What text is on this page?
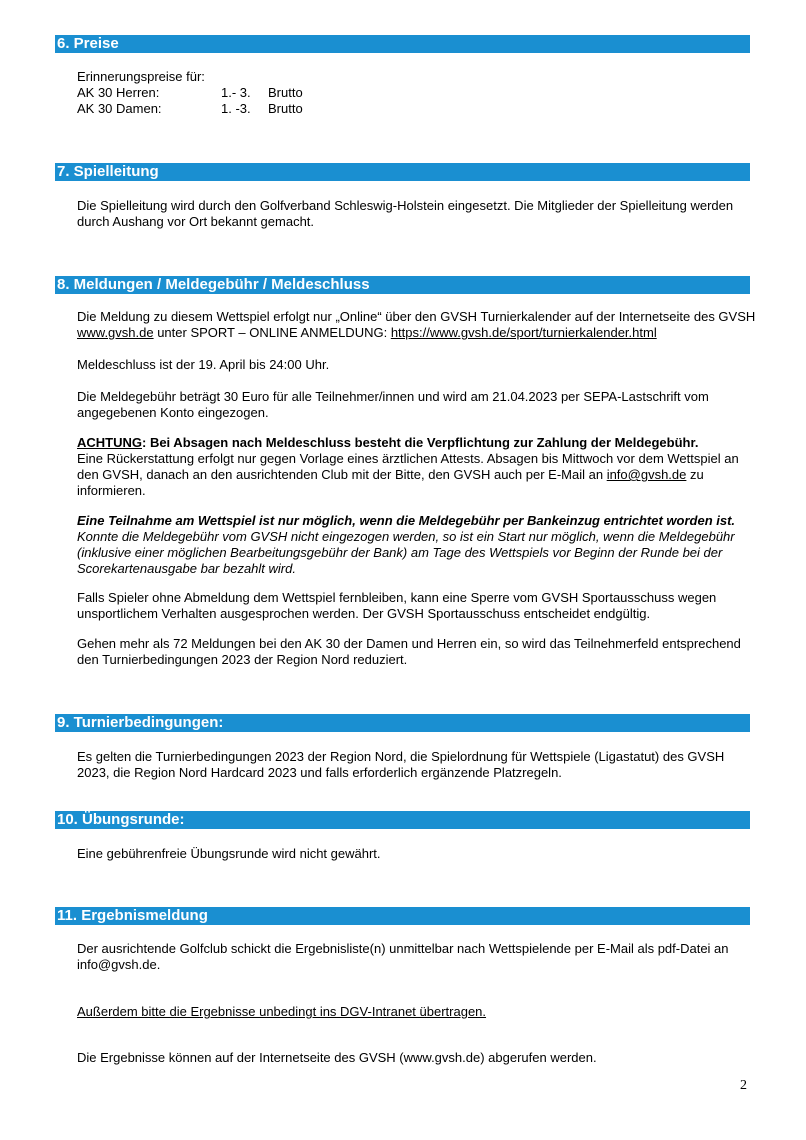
6. Preise
Erinnerungspreise für:
AK 30 Herren:	1.- 3. Brutto
AK 30 Damen:	1. -3. Brutto
7. Spielleitung
Die Spielleitung wird durch den Golfverband Schleswig-Holstein eingesetzt. Die Mitglieder der Spielleitung werden durch Aushang vor Ort bekannt gemacht.
8. Meldungen / Meldegebühr / Meldeschluss
Die Meldung zu diesem Wettspiel erfolgt nur „Online“ über den GVSH Turnierkalender auf der Internetseite des GVSH www.gvsh.de unter SPORT – ONLINE ANMELDUNG: https://www.gvsh.de/sport/turnierkalender.html
Meldeschluss ist der 19. April bis 24:00 Uhr.
Die Meldegebühr beträgt 30 Euro für alle Teilnehmer/innen und wird am 21.04.2023 per SEPA-Lastschrift vom angegebenen Konto eingezogen.
ACHTUNG: Bei Absagen nach Meldeschluss besteht die Verpflichtung zur Zahlung der Meldegebühr.
Eine Rückerstattung erfolgt nur gegen Vorlage eines ärztlichen Attests. Absagen bis Mittwoch vor dem Wettspiel an den GVSH, danach an den ausrichtenden Club mit der Bitte, den GVSH auch per E-Mail an info@gvsh.de zu informieren.
Eine Teilnahme am Wettspiel ist nur möglich, wenn die Meldegebühr per Bankeinzug entrichtet worden ist. Konnte die Meldegebühr vom GVSH nicht eingezogen werden, so ist ein Start nur möglich, wenn die Meldegebühr (inklusive einer möglichen Bearbeitungsgebühr der Bank) am Tage des Wettspiels vor Beginn der Runde bei der Scorekartenausgabe bar bezahlt wird.
Falls Spieler ohne Abmeldung dem Wettspiel fernbleiben, kann eine Sperre vom GVSH Sportausschuss wegen unsportlichem Verhalten ausgesprochen werden. Der GVSH Sportausschuss entscheidet endgültig.
Gehen mehr als 72 Meldungen bei den AK 30 der Damen und Herren ein, so wird das Teilnehmerfeld entsprechend den Turnierbedingungen 2023 der Region Nord reduziert.
9. Turnierbedingungen:
Es gelten die Turnierbedingungen 2023 der Region Nord, die Spielordnung für Wettspiele (Ligastatut) des GVSH 2023, die Region Nord Hardcard 2023 und falls erforderlich ergänzende Platzregeln.
10. Übungsrunde:
Eine gebührenfreie Übungsrunde wird nicht gewährt.
11. Ergebnismeldung
Der ausrichtende Golfclub schickt die Ergebnisliste(n) unmittelbar nach Wettspielende per E-Mail als pdf-Datei an info@gvsh.de.
Außerdem bitte die Ergebnisse unbedingt ins DGV-Intranet übertragen.
Die Ergebnisse können auf der Internetseite des GVSH (www.gvsh.de) abgerufen werden.
2
